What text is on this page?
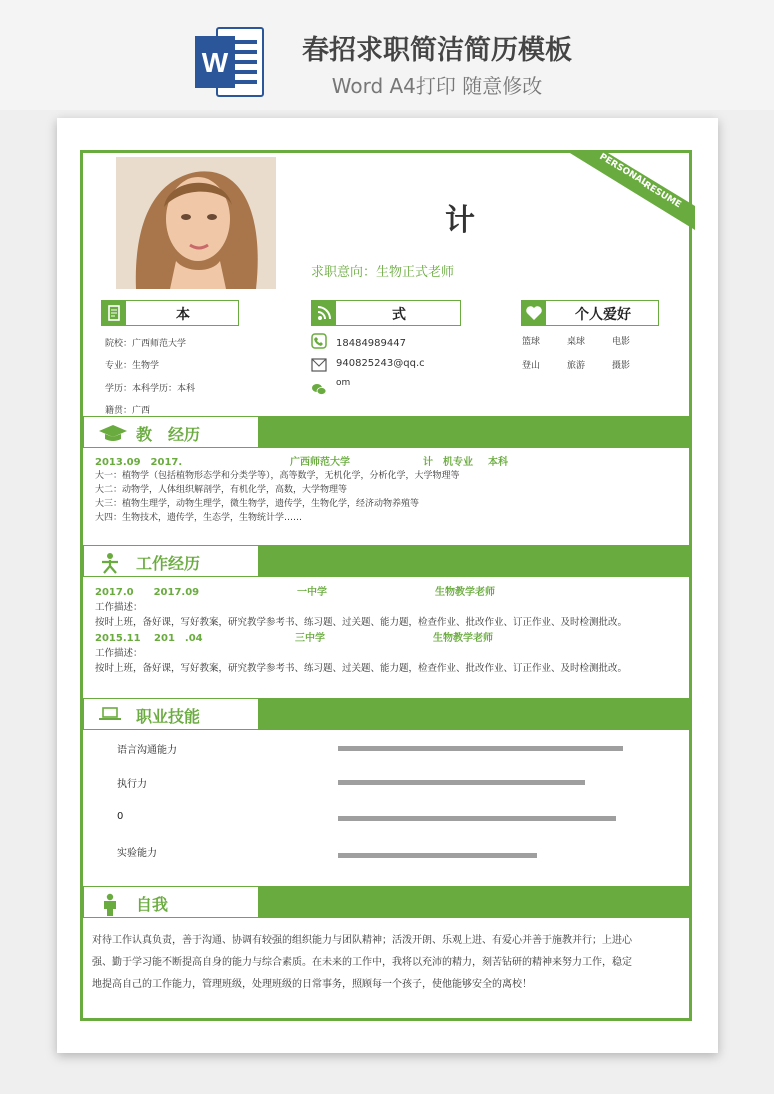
W	春招求职简洁简历模板
Word A4打印 随意修改
PERSONAL
RESUME
计
求职意向：生物正式老师
本
院校：广西师范大学
专业：生物学
学历：本科学历：本科
籍贯：广西
式
18484989447
940825243@qq.c
om
个人爱好
篮球	桌球	电影
登山	旅游	摄影
教　经历
2013.09　2017.	广西师范大学	计　机专业 本科
大一：植物学（包括植物形态学和分类学等），高等数学，无机化学，分析化学，大学物理等
大二：动物学，人体组织解剖学，有机化学，高数，大学物理等
大三：植物生理学，动物生理学，微生物学，遗传学，生物化学，经济动物养殖等
大四：生物技术，遗传学，生态学，生物统计学……
工作经历
2017.0　　2017.09	一中学	生物教学老师
工作描述：
按时上班，备好课，写好教案，研究教学参考书、练习题、过关题、能力题，检查作业、批改作业、订正作业、及时检测批改。
2015.11　 201　.04	三中学	生物教学老师
工作描述：
按时上班，备好课，写好教案，研究教学参考书、练习题、过关题、能力题，检查作业、批改作业、订正作业、及时检测批改。
职业技能
语言沟通能力
执行力
0
实验能力
自我
对待工作认真负责，善于沟通、协调有较强的组织能力与团队精神；活泼开朗、乐观上进、有爱心并善于施教并行；上进心
强、勤于学习能不断提高自身的能力与综合素质。在未来的工作中，我将以充沛的精力，刻苦钻研的精神来努力工作，稳定
地提高自己的工作能力，管理班级，处理班级的日常事务，照顾每一个孩子，使他能够安全的离校！
